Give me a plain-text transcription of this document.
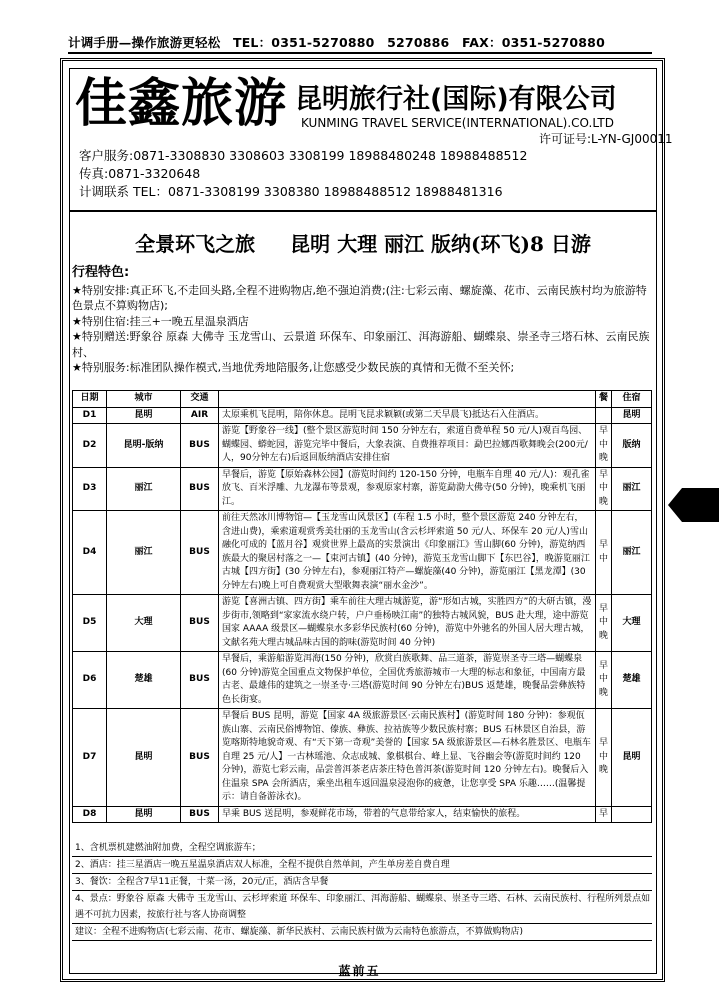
计调手册—操作旅游更轻松 TEL：0351-5270880 5270886 FAX：0351-5270880
佳鑫旅游 昆明旅行社(国际)有限公司
KUNMING TRAVEL SERVICE(INTERNATIONAL).CO.LTD
许可证号:L-YN-GJ00011
客户服务:0871-3308830 3308603 3308199 18988480248 18988488512
传真:0871-3320648
计调联系 TEL：0871-3308199 3308380 18988488512 18988481316
全景环飞之旅 昆明 大理 丽江 版纳(环飞)8 日游
行程特色:
★特别安排:真正环飞,不走回头路,全程不进购物店,绝不强迫消费;(注:七彩云南、螺旋藻、花市、云南民族村均为旅游特色景点不算购物店);
★特别住宿:挂三+一晚五星温泉酒店
★特别赠送:野象谷 原森 大佛寺 玉龙雪山、云景道 环保车、印象丽江、洱海游船、蝴蝶泉、崇圣寺三塔石林、云南民族村、
★特别服务:标准团队操作模式,当地优秀地陪服务,让您感受少数民族的真情和无微不至关怀;
日期	城市	交通		餐	住宿
D1	昆明	AIR	太原乘机飞昆明，陪你休息。昆明飞昆求颖颖(或第二天早晨飞)抵达石入住酒店。		昆明
D2	昆明-版纳	BUS	游览【野象谷一线】(整个景区游览时间 150 分钟左右，索道自费单程 50 元/人)观百鸟园、蝴蝶园、蟒蛇园，游览完毕中餐后，大象表演、自费推荐项目：勐巴拉娜西歌舞晚会(200元/人，90分钟左右)后返回版纳酒店安排住宿	早中晚	版纳
D3	丽江	BUS	早餐后，游览【原始森林公园】(游览时间约 120-150 分钟，电瓶车自理 40 元/人)：观孔雀放飞、百米浮雕、九龙瀑布等景观，参观原家村寨，游览勐泐大佛寺(50 分钟)，晚乘机飞丽江。	早中晚	丽江
D4	丽江	BUS	前往天然冰川博物馆—【玉龙雪山风景区】(车程 1.5 小时，整个景区游览 240 分钟左右，含进山费)，乘索道观赏秀美壮丽的玉龙雪山(含云杉坪索道 50 元/人、环保车 20 元/人)雪山融化可成的【蓝月谷】观赏世界上最高的实景演出《印象丽江》雪山脚(60 分钟)，游览纳西族最大的聚居村落之一—【束河古镇】(40 分钟)，游览玉龙雪山脚下【东巴谷】，晚游览丽江古城【四方街】(30 分钟左右)，参观丽江特产—螺旋藻(40 分钟)，游览丽江【黑龙潭】(30 分钟左右)晚上可自费观赏大型歌舞表演“丽水金沙”。	早中	丽江
D5	大理	BUS	游览【喜洲古镇、四方街】乘车前往大理古城游览，游“形如古城，实胜四方”的大研古镇，漫步街市,领略到“家家流水绕户转，户户垂杨映江南”的独特古城风貌，BUS 赴大理，途中游览国家 AAAA 级景区—蝴蝶泉水多彩华民族村(60 分钟)，游览中外驰名的外国人居大理古城，文献名苑大理古城品味古国的韵味(游览时间 40 分钟)	早中晚	大理
D6	楚雄	BUS	早餐后，乘游船游览洱海(150 分钟)，欣赏白族歌舞、品三道茶，游览崇圣寺三塔—蝴蝶泉(60 分钟)游览全国重点文物保护单位，全国优秀旅游城市一大理的标志和象征，中国南方最古老、最雄伟的建筑之一崇圣寺·三塔(游览时间 90 分钟左右)BUS 返楚雄，晚餐品尝彝族特色长街宴。	早中晚	楚雄
D7	昆明	BUS	早餐后 BUS 昆明，游览【国家 4A 级旅游景区·云南民族村】(游览时间 180 分钟)：参观佤族山寨、云南民俗博物馆、傣族、彝族、拉祜族等少数民族村寨；BUS 石林景区自治县，游览喀斯特地貌奇观、有“天下第一奇观”美誉的【国家 5A 级旅游景区—石林名胜景区、电瓶车自理 25 元/人】一古林瑶池、众志成城、象棋棋台、峰上显、飞谷幽会等(游览时间约 120 分钟)，游览七彩云南，品尝普洱茶老店茶庄特色普洱茶(游览时间 120 分钟左右)。晚餐后入住温泉 SPA 会所酒店，乘坐出租车返回温泉浸泡你的疲惫，让您享受 SPA 乐趣……(温馨提示：请自备游泳衣)。	早中晚	昆明
D8	昆明	BUS	早乘 BUS 送昆明，参观鲜花市场，带着的气息带给家人，结束愉快的旅程。	早	
1、含机票机建燃油附加费，全程空调旅游车；
2、酒店：挂三星酒店一晚五星温泉酒店双人标准，全程不提供自然单间，产生单房差自费自理
3、餐饮：全程含7早11正餐，十菜一汤，20元/正，酒店含早餐
4、景点：野象谷 原森 大佛寺 玉龙雪山、云杉坪索道 环保车、印象丽江、洱海游船、蝴蝶泉、崇圣寺三塔、石林、云南民族村、行程所列景点如遇不可抗力因素，按旅行社与客人协商调整
建议：全程不进购物店(七彩云南、花市、螺旋藻、新华民族村、云南民族村做为云南特色旅游点，不算做购物店)
蓝前五
